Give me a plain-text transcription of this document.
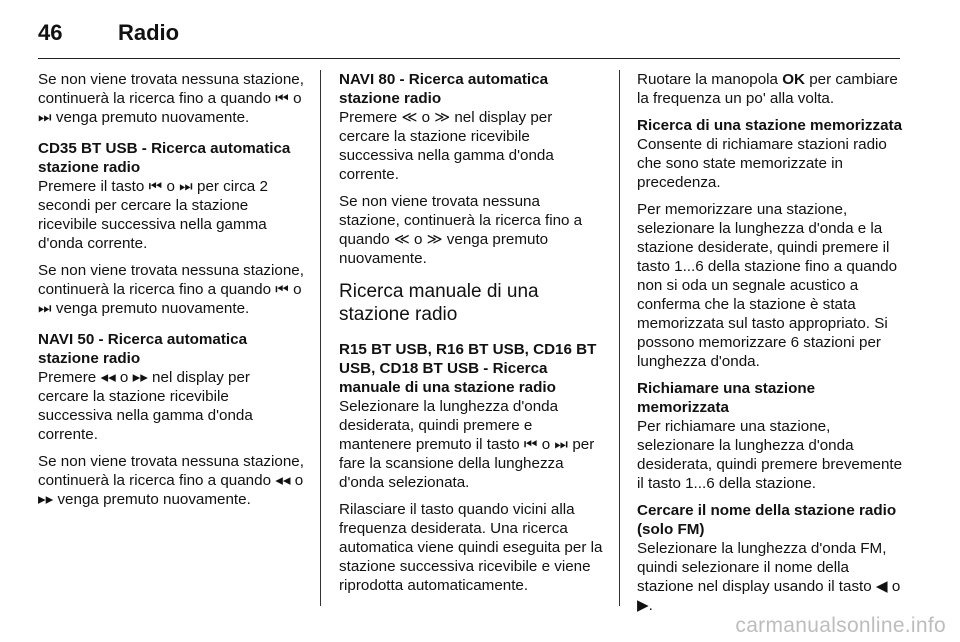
46	Radio

Se non viene trovata nessuna stazione, continuerà la ricerca fino a quando ⏮ o ⏭ venga premuto nuovamente.

CD35 BT USB - Ricerca automatica stazione radio

Premere il tasto ⏮ o ⏭ per circa 2 secondi per cercare la stazione ricevibile successiva nella gamma d'onda corrente.

Se non viene trovata nessuna stazione, continuerà la ricerca fino a quando ⏮ o ⏭ venga premuto nuovamente.

NAVI 50 - Ricerca automatica stazione radio

Premere ◂◂ o ▸▸ nel display per cercare la stazione ricevibile successiva nella gamma d'onda corrente.

Se non viene trovata nessuna stazione, continuerà la ricerca fino a quando ◂◂ o ▸▸ venga premuto nuovamente.

NAVI 80 - Ricerca automatica stazione radio

Premere ≪ o ≫ nel display per cercare la stazione ricevibile successiva nella gamma d'onda corrente.

Se non viene trovata nessuna stazione, continuerà la ricerca fino a quando ≪ o ≫ venga premuto nuovamente.

Ricerca manuale di una stazione radio
R15 BT USB, R16 BT USB, CD16 BT USB, CD18 BT USB - Ricerca manuale di una stazione radio

Selezionare la lunghezza d'onda desiderata, quindi premere e mantenere premuto il tasto ⏮ o ⏭ per fare la scansione della lunghezza d'onda selezionata.

Rilasciare il tasto quando vicini alla frequenza desiderata. Una ricerca automatica viene quindi eseguita per la stazione successiva ricevibile e viene riprodotta automaticamente.

Ruotare la manopola OK per cambiare la frequenza un po' alla volta.

Ricerca di una stazione memorizzata

Consente di richiamare stazioni radio che sono state memorizzate in precedenza.

Per memorizzare una stazione, selezionare la lunghezza d'onda e la stazione desiderate, quindi premere il tasto 1...6 della stazione fino a quando non si oda un segnale acustico a conferma che la stazione è stata memorizzata sul tasto appropriato. Si possono memorizzare 6 stazioni per lunghezza d'onda.

Richiamare una stazione memorizzata

Per richiamare una stazione, selezionare la lunghezza d'onda desiderata, quindi premere brevemente il tasto 1...6 della stazione.

Cercare il nome della stazione radio (solo FM)

Selezionare la lunghezza d'onda FM, quindi selezionare il nome della stazione nel display usando il tasto ◀ o ▶.

carmanualsonline.info
